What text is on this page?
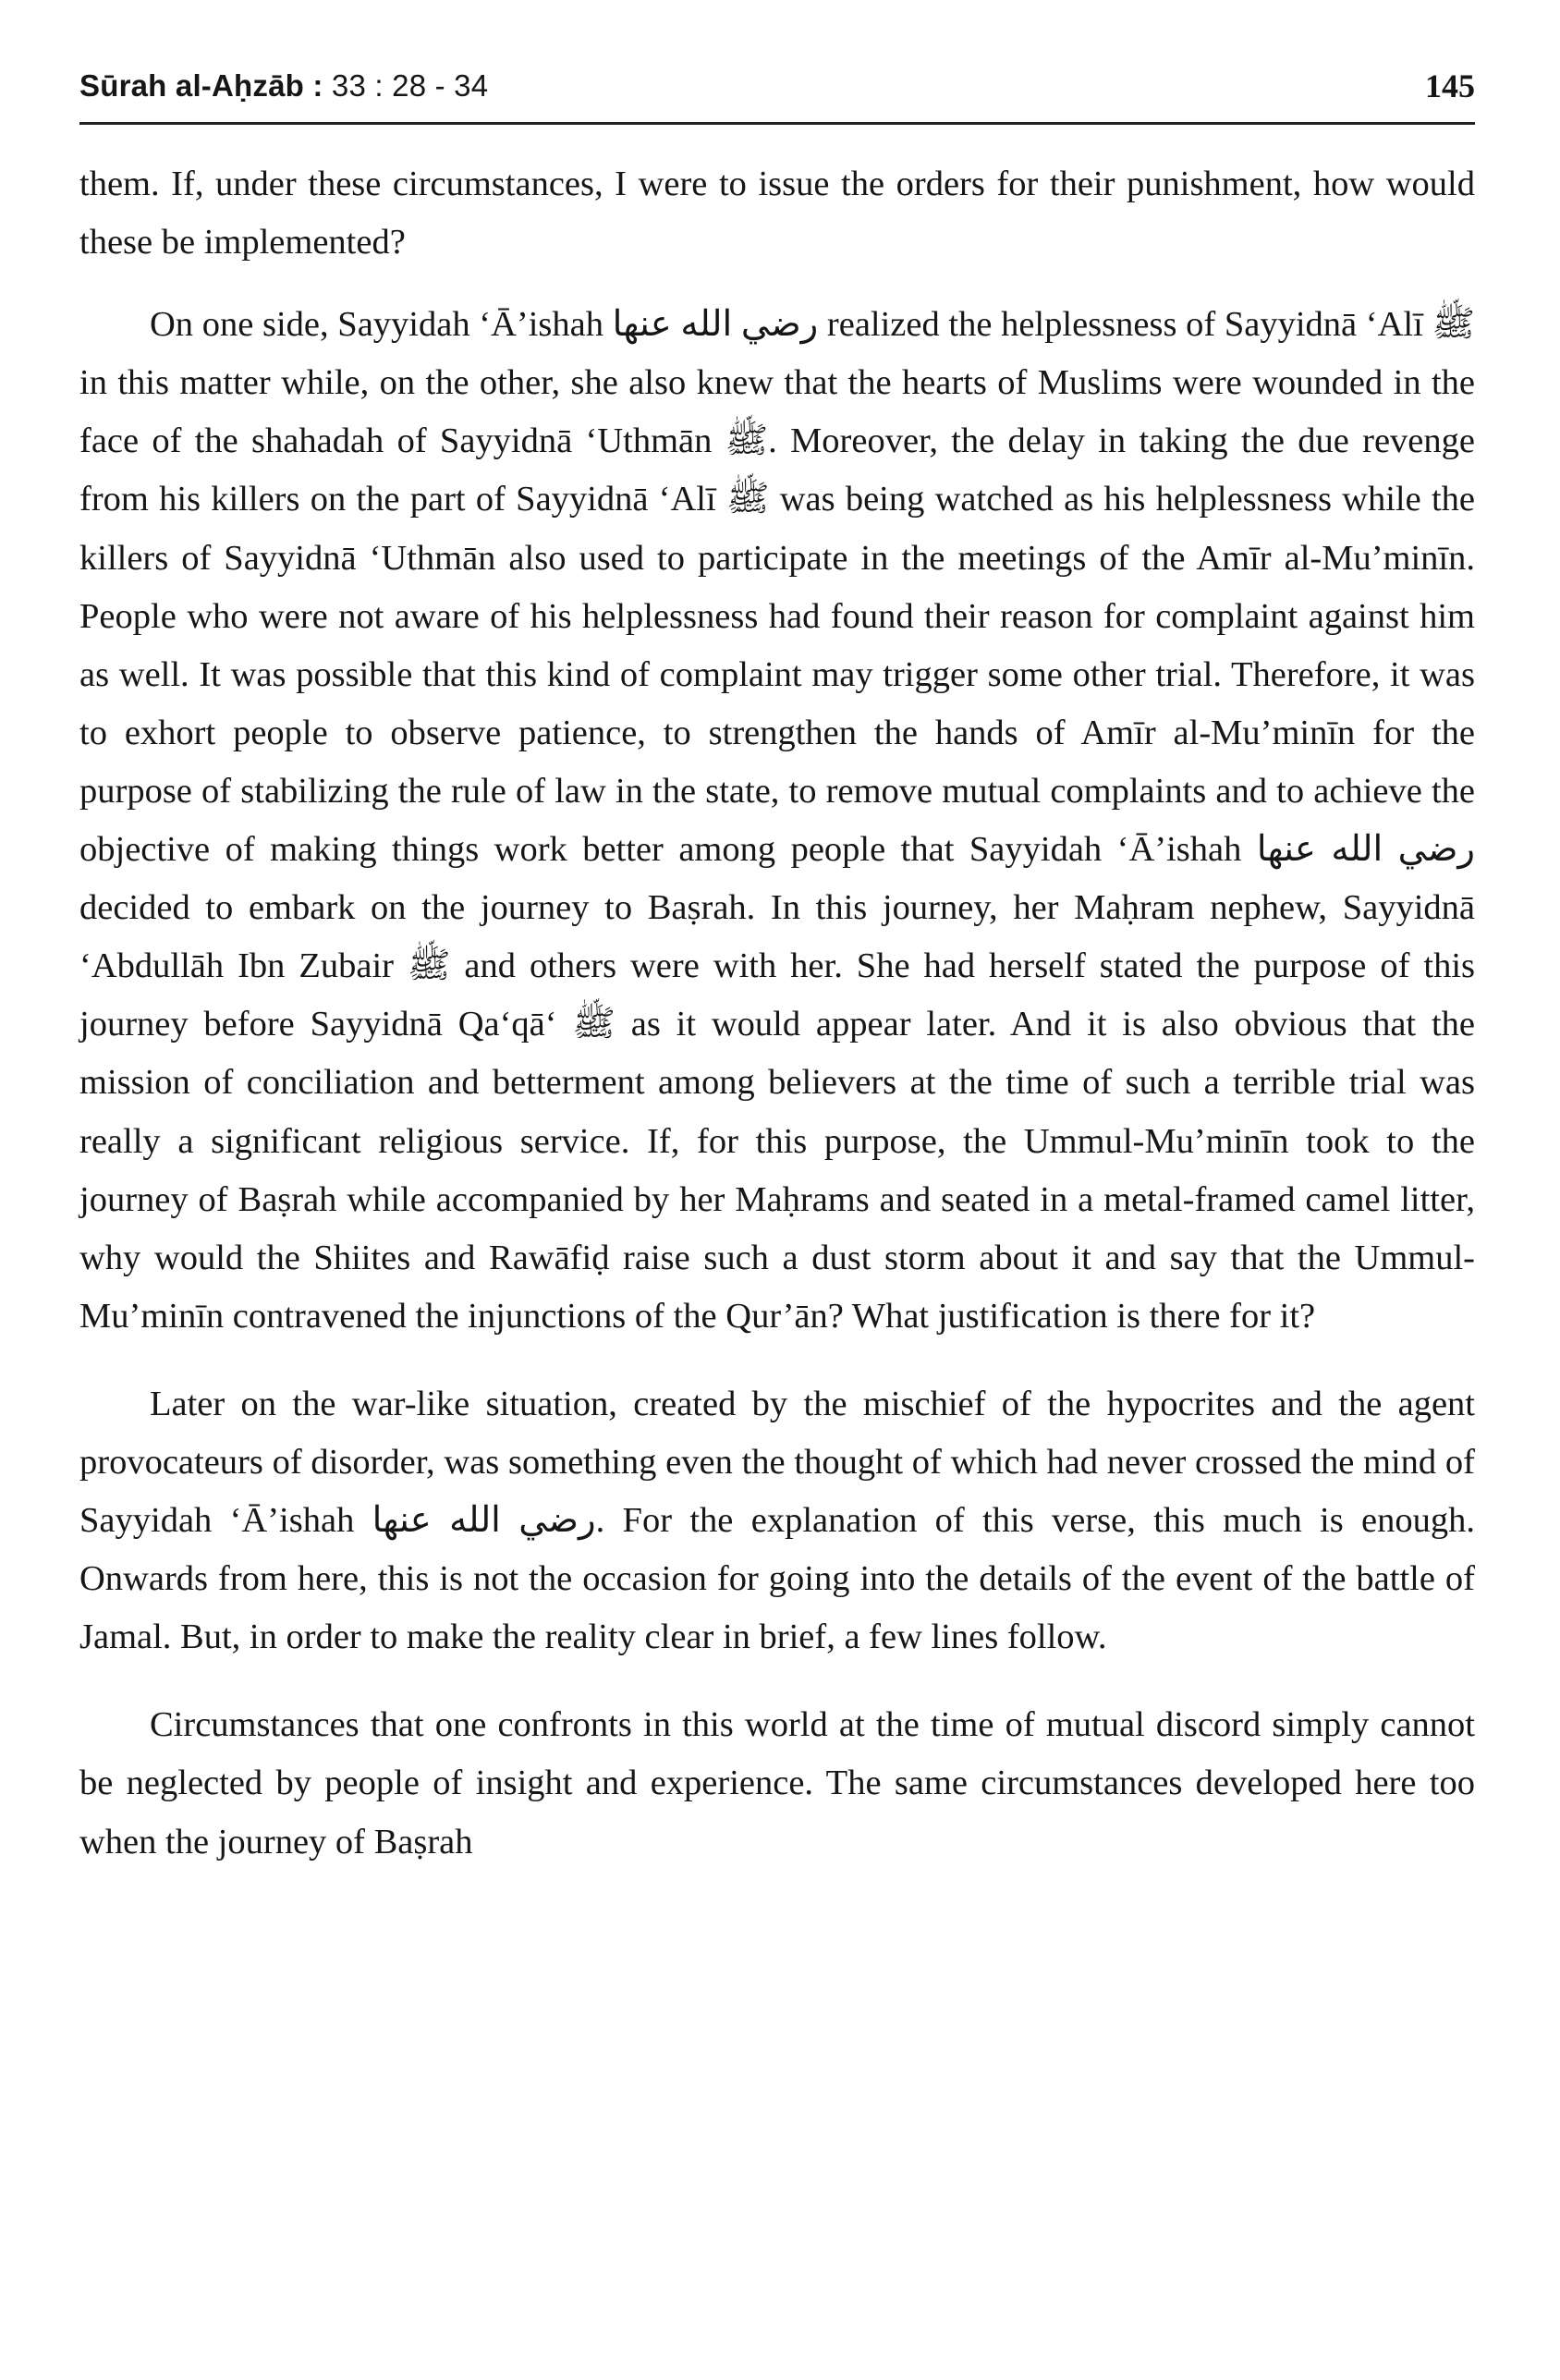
Sūrah al-Aḥzāb : 33 : 28 - 34	145

them. If, under these circumstances, I were to issue the orders for their punishment, how would these be implemented?

On one side, Sayyidah ‘Ā’ishah رضي الله عنها realized the helplessness of Sayyidnā ‘Alī ﷺ in this matter while, on the other, she also knew that the hearts of Muslims were wounded in the face of the shahadah of Sayyidnā ‘Uthmān ﷺ. Moreover, the delay in taking the due revenge from his killers on the part of Sayyidnā ‘Alī ﷺ was being watched as his helplessness while the killers of Sayyidnā ‘Uthmān also used to participate in the meetings of the Amīr al-Mu’minīn. People who were not aware of his helplessness had found their reason for complaint against him as well. It was possible that this kind of complaint may trigger some other trial. Therefore, it was to exhort people to observe patience, to strengthen the hands of Amīr al-Mu’minīn for the purpose of stabilizing the rule of law in the state, to remove mutual complaints and to achieve the objective of making things work better among people that Sayyidah ‘Ā’ishah رضي الله عنها decided to embark on the journey to Baṣrah. In this journey, her Maḥram nephew, Sayyidnā ‘Abdullāh Ibn Zubair ﷺ and others were with her. She had herself stated the purpose of this journey before Sayyidnā Qa‘qā‘ ﷺ as it would appear later. And it is also obvious that the mission of conciliation and betterment among believers at the time of such a terrible trial was really a significant religious service. If, for this purpose, the Ummul-Mu’minīn took to the journey of Baṣrah while accompanied by her Maḥrams and seated in a metal-framed camel litter, why would the Shiites and Rawāfiḍ raise such a dust storm about it and say that the Ummul-Mu’minīn contravened the injunctions of the Qur’ān? What justification is there for it?

Later on the war-like situation, created by the mischief of the hypocrites and the agent provocateurs of disorder, was something even the thought of which had never crossed the mind of Sayyidah ‘Ā’ishah رضي الله عنها. For the explanation of this verse, this much is enough. Onwards from here, this is not the occasion for going into the details of the event of the battle of Jamal. But, in order to make the reality clear in brief, a few lines follow.

Circumstances that one confronts in this world at the time of mutual discord simply cannot be neglected by people of insight and experience. The same circumstances developed here too when the journey of Baṣrah
